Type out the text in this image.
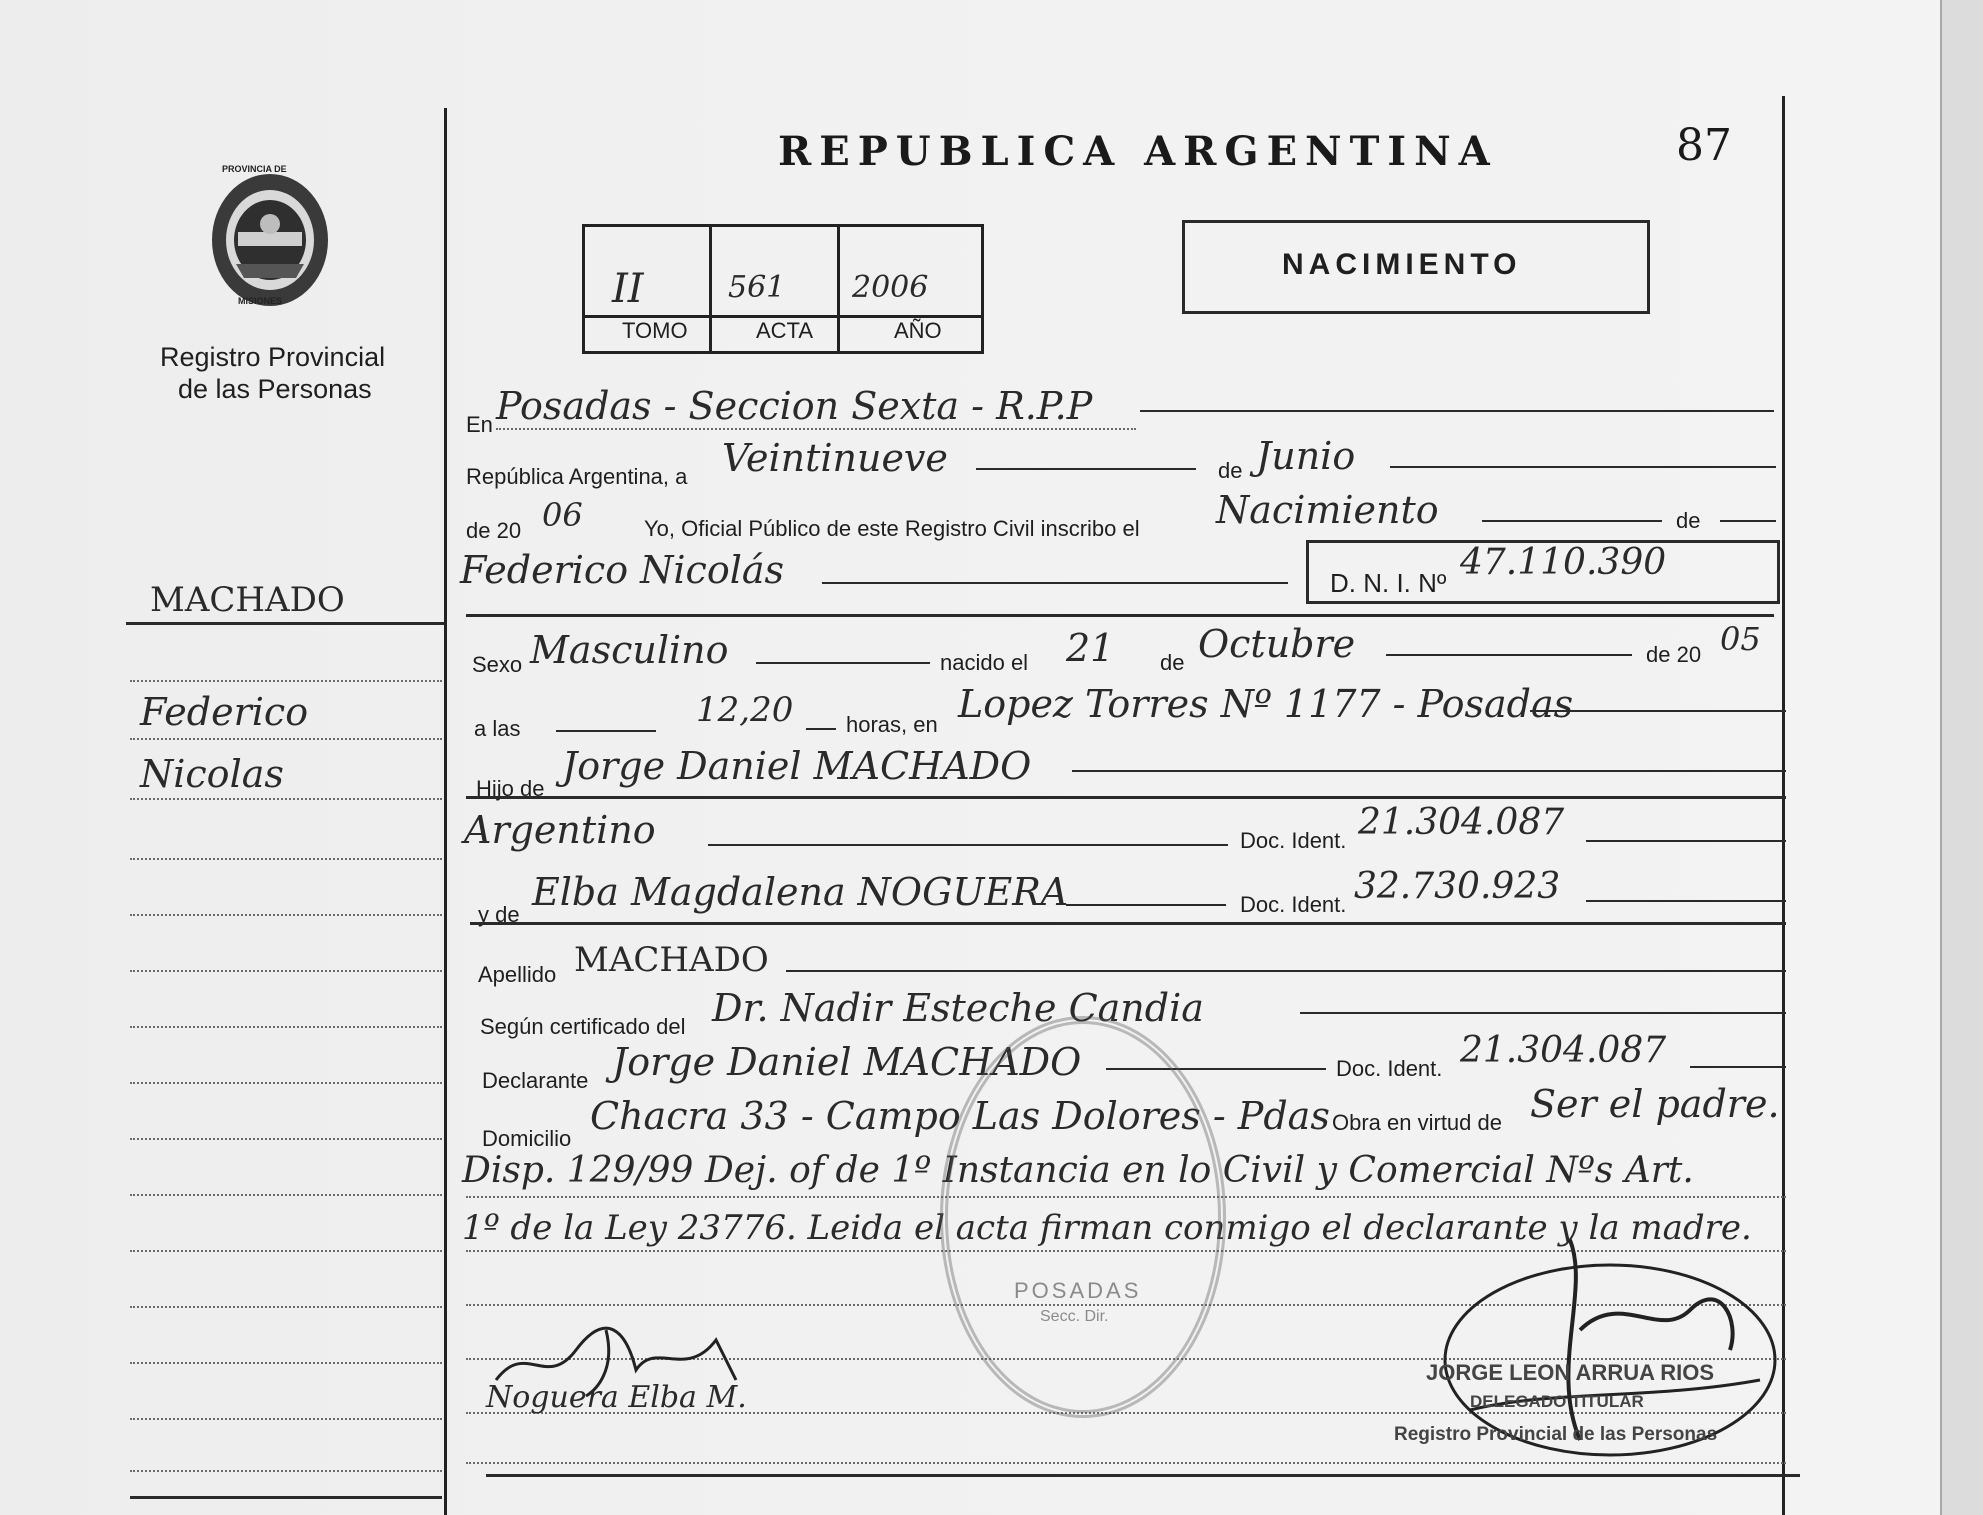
PROVINCIA DE
MISIONES
Registro Provincial
de las Personas
REPUBLICA ARGENTINA	87
II	561 2006
TOMO	ACTA	AÑO
NACIMIENTO
MACHADO
Federico
Nicolas
En Posadas - Seccion Sexta - R.P.P
República Argentina, a Veintinueve	de Junio
de 20 06	Yo, Oficial Público de este Registro Civil inscribo el Nacimiento	de
Federico Nicolás	D. N. I. Nº 47.110.390
Sexo Masculino	nacido el 21 de Octubre	de 20 05
a las	12,20 horas, en Lopez Torres Nº 1177 - Posadas
Hijo de
Jorge Daniel MACHADO
Argentino	Doc. Ident. 21.304.087
y de
Elba Magdalena NOGUERA	Doc. Ident. 32.730.923
Apellido MACHADO
Según certificado del Dr. Nadir Esteche Candia
Declarante Jorge Daniel MACHADO	Doc. Ident. 21.304.087
Domicilio
Chacra 33 - Campo Las Dolores - Pdas Obra en virtud de Ser el padre.
Disp. 129/99 Dej. of de 1º Instancia en lo Civil y Comercial Nºs Art.
1º de la Ley 23776. Leida el acta firman conmigo el declarante y la madre.
POSADAS
Secc. Dir.
Noguera Elba M.
JORGE LEON ARRUA RIOS
DELEGADO TITULAR
Registro Provincial de las Personas
